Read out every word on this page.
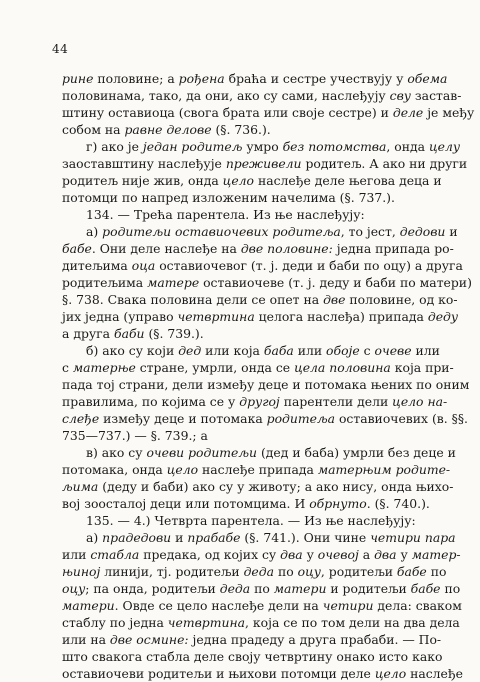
44
рине половине; а рођена браћа и сестре учествују у обема
половинама, тако, да они, ако су сами, наслеђују сву застав-
штину оставиоца (свога брата или своје сестре) и деле је међу
собом на равне делове (§. 736.).
г) ако је један родитељ умро без потомства, онда целу
заоставштину наслеђује преживели родитељ. А ако ни други
родитељ није жив, онда цело наслеђе деле његова деца и
потомци по напред изложеним начелима (§. 737.).
134. — Трећа парентела. Из ње наслеђују:
а) родитељи оставиочевих родитеља, то јест, дедови и
бабе. Они деле наслеђе на две половине: једна припада ро-
дитељима оца оставиочевог (т. ј. деди и баби по оцу) а друга
родитељима матере оставиочеве (т. ј. деду и баби по матери)
§. 738. Свака половина дели се опет на две половине, од ко-
јих једна (управо четвртина целога наслеђа) припада деду
а друга баби (§. 739.).
б) ако су који дед или која баба или обоје с очеве или
с матерње стране, умрли, онда се цела половина која при-
пада тој страни, дели између деце и потомака њених по оним
правилима, по којима се у другој парентели дели цело на-
слеђе између деце и потомака родитеља оставиочевих (в. §§.
735—737.) — §. 739.; а
в) ако су очеви родитељи (дед и баба) умрли без деце и
потомака, онда цело наслеђе припада матерњим родите-
љима (деду и баби) ако су у животу; а ако нису, онда њихо-
вој зоосталој деци или потомцима. И обрнуто. (§. 740.).
135. — 4.) Четврта парентела. — Из ње наслеђују:
а) прадедови и прабабе (§. 741.). Они чине четири пара
или стабла предака, од којих су два у очевој а два у матер-
њиној линији, тј. родитељи деда по оцу, родитељи бабе по
оцу; па онда, родитељи деда по матери и родитељи бабе по
матери. Овде се цело наслеђе дели на четири дела: сваком
стаблу по једна четвртина, која се по том дели на два дела
или на две осмине: једна прадеду а друга прабаби. — По-
што свакога стабла деле своју четвртину онако исто како
оставиочеви родитељи и њихови потомци деле цело наслеђе
